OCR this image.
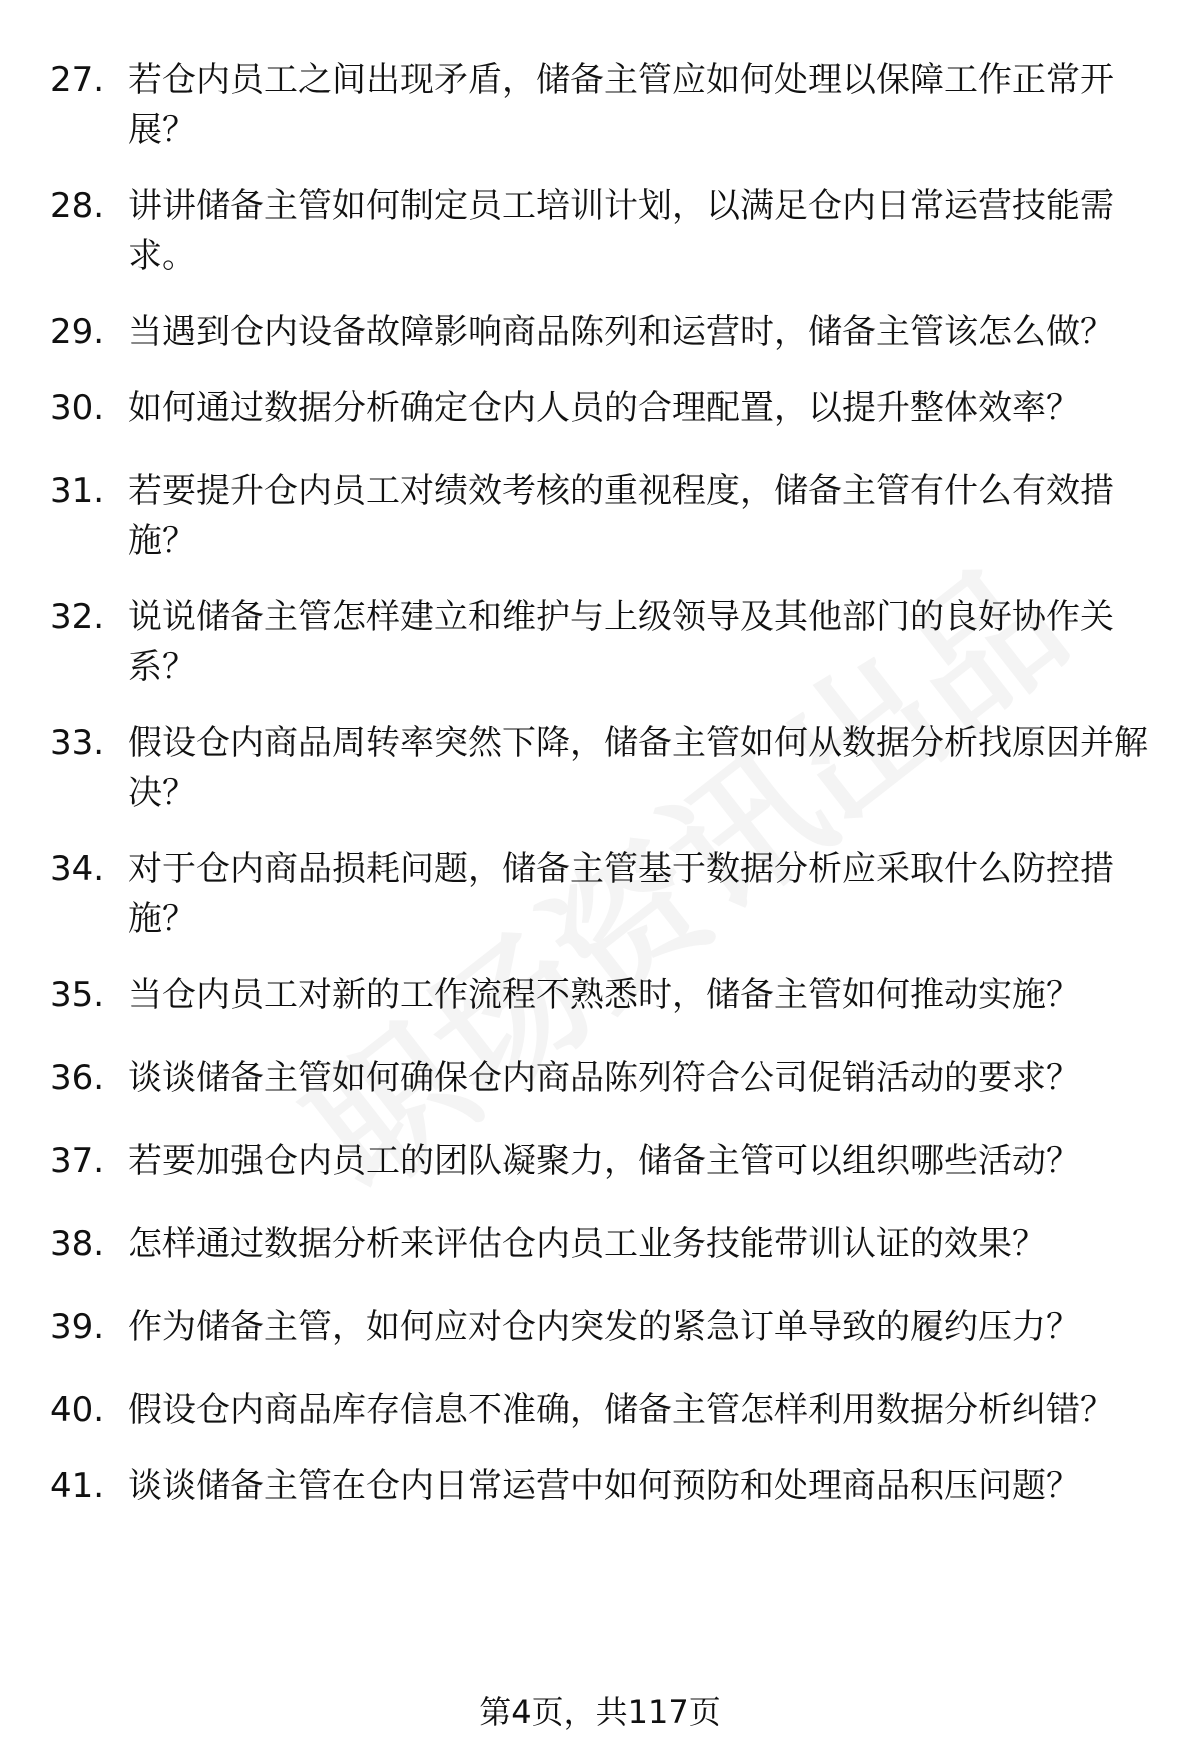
27. 若仓内员工之间出现矛盾，储备主管应如何处理以保障工作正常开展？
28. 讲讲储备主管如何制定员工培训计划，以满足仓内日常运营技能需求。
29. 当遇到仓内设备故障影响商品陈列和运营时，储备主管该怎么做？
30. 如何通过数据分析确定仓内人员的合理配置，以提升整体效率？
31. 若要提升仓内员工对绩效考核的重视程度，储备主管有什么有效措施？
32. 说说储备主管怎样建立和维护与上级领导及其他部门的良好协作关系？
33. 假设仓内商品周转率突然下降，储备主管如何从数据分析找原因并解决？
34. 对于仓内商品损耗问题，储备主管基于数据分析应采取什么防控措施？
35. 当仓内员工对新的工作流程不熟悉时，储备主管如何推动实施？
36. 谈谈储备主管如何确保仓内商品陈列符合公司促销活动的要求？
37. 若要加强仓内员工的团队凝聚力，储备主管可以组织哪些活动？
38. 怎样通过数据分析来评估仓内员工业务技能带训认证的效果？
39. 作为储备主管，如何应对仓内突发的紧急订单导致的履约压力？
40. 假设仓内商品库存信息不准确，储备主管怎样利用数据分析纠错？
41. 谈谈储备主管在仓内日常运营中如何预防和处理商品积压问题？
第4页，共117页
